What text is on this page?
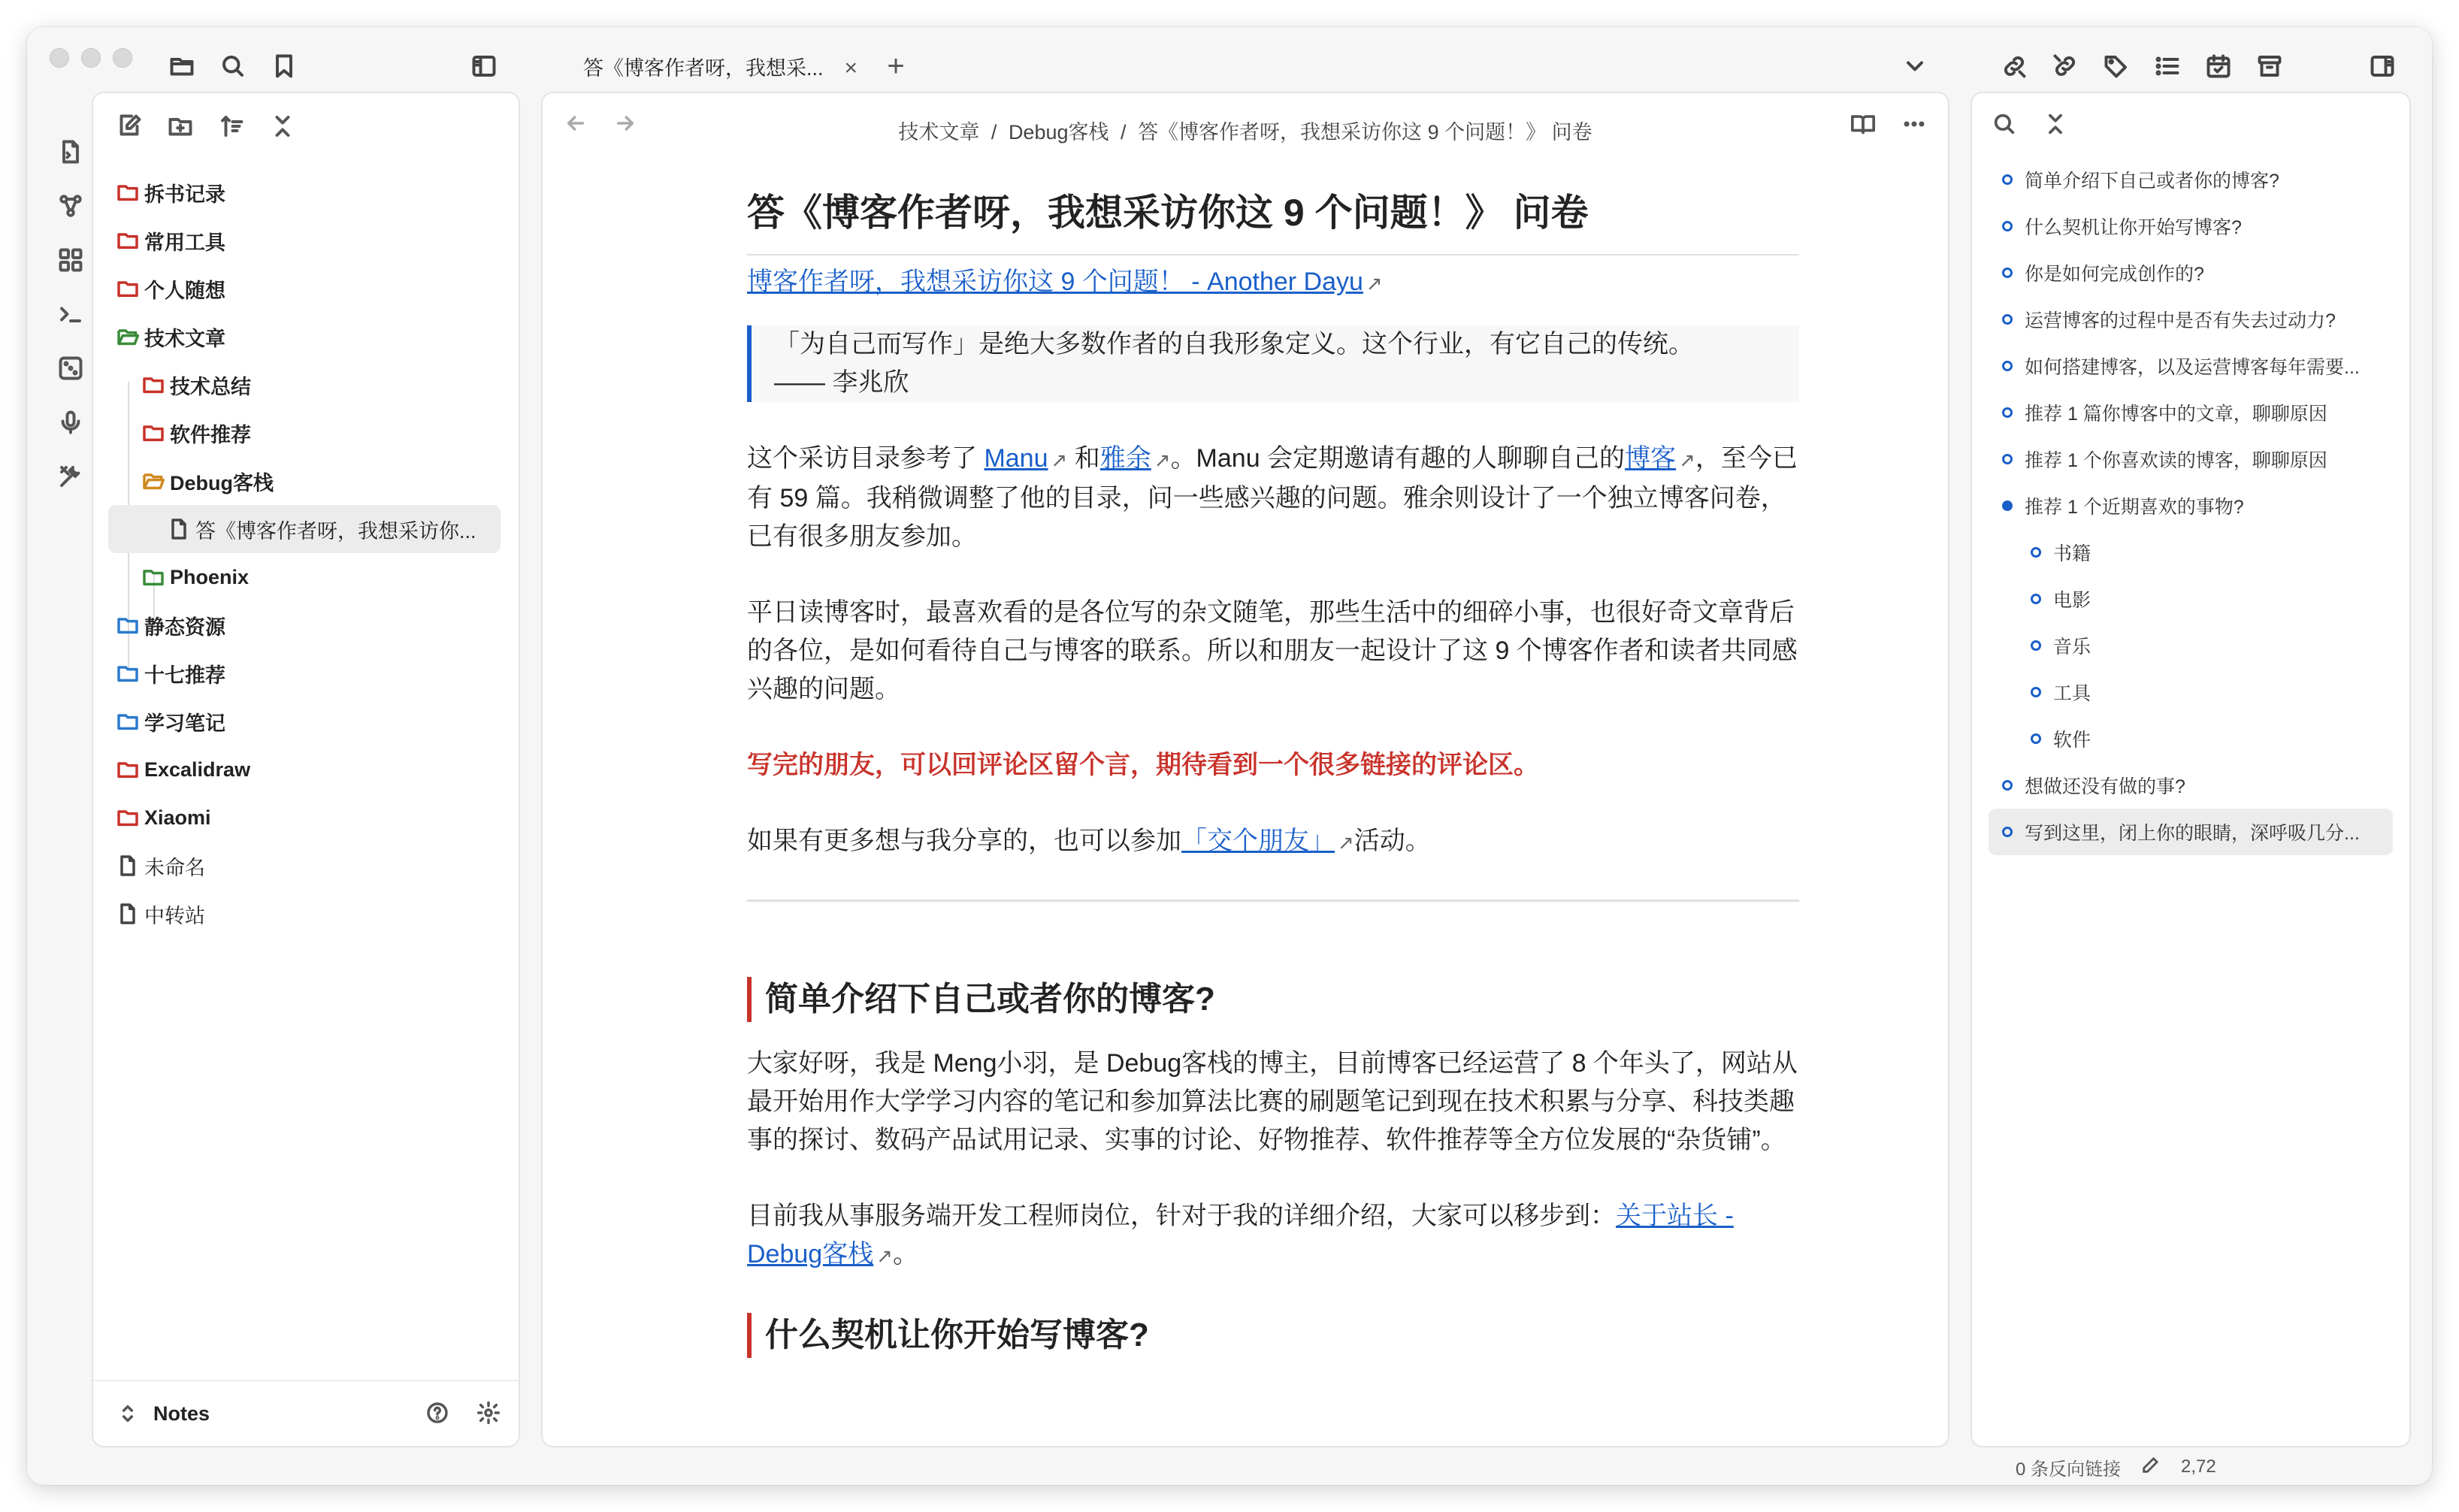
答《博客作者呀，我想采... × +
拆书记录
常用工具
个人随想
技术文章
技术总结
软件推荐
Debug客栈
答《博客作者呀，我想采访你...
Phoenix
静态资源
十七推荐
学习笔记
Excalidraw
Xiaomi
未命名
中转站
Notes
技术文章 / Debug客栈 / 答《博客作者呀，我想采访你这 9 个问题！》 问卷
答《博客作者呀，我想采访你这 9 个问题！》 问卷

博客作者呀，我想采访你这 9 个问题！ - Another Dayu ↗

「为自己而写作」是绝大多数作者的自我形象定义。这个行业，有它自己的传统。
—— 李兆欣

这个采访目录参考了 Manu ↗ 和雅余 ↗。Manu 会定期邀请有趣的人聊聊自己的博客 ↗，至今已有 59 篇。我稍微调整了他的目录，问一些感兴趣的问题。雅余则设计了一个独立博客问卷，已有很多朋友参加。

平日读博客时，最喜欢看的是各位写的杂文随笔，那些生活中的细碎小事，也很好奇文章背后的各位，是如何看待自己与博客的联系。所以和朋友一起设计了这 9 个博客作者和读者共同感兴趣的问题。

写完的朋友，可以回评论区留个言，期待看到一个很多链接的评论区。

如果有更多想与我分享的，也可以参加「交个朋友」 ↗活动。

简单介绍下自己或者你的博客?

大家好呀，我是 Meng小羽，是 Debug客栈的博主，目前博客已经运营了 8 个年头了，网站从最开始用作大学学习内容的笔记和参加算法比赛的刷题笔记到现在技术积累与分享、科技类趣事的探讨、数码产品试用记录、实事的讨论、好物推荐、软件推荐等全方位发展的“杂货铺”。

目前我从事服务端开发工程师岗位，针对于我的详细介绍，大家可以移步到：关于站长 - Debug客栈 ↗。

什么契机让你开始写博客?
简单介绍下自己或者你的博客?
什么契机让你开始写博客?
你是如何完成创作的?
运营博客的过程中是否有失去过动力?
如何搭建博客，以及运营博客每年需要...
推荐 1 篇你博客中的文章，聊聊原因
推荐 1 个你喜欢读的博客，聊聊原因
推荐 1 个近期喜欢的事物?
书籍
电影
音乐
工具
软件
想做还没有做的事?
写到这里，闭上你的眼睛，深呼吸几分...
0 条反向链接	2,72
